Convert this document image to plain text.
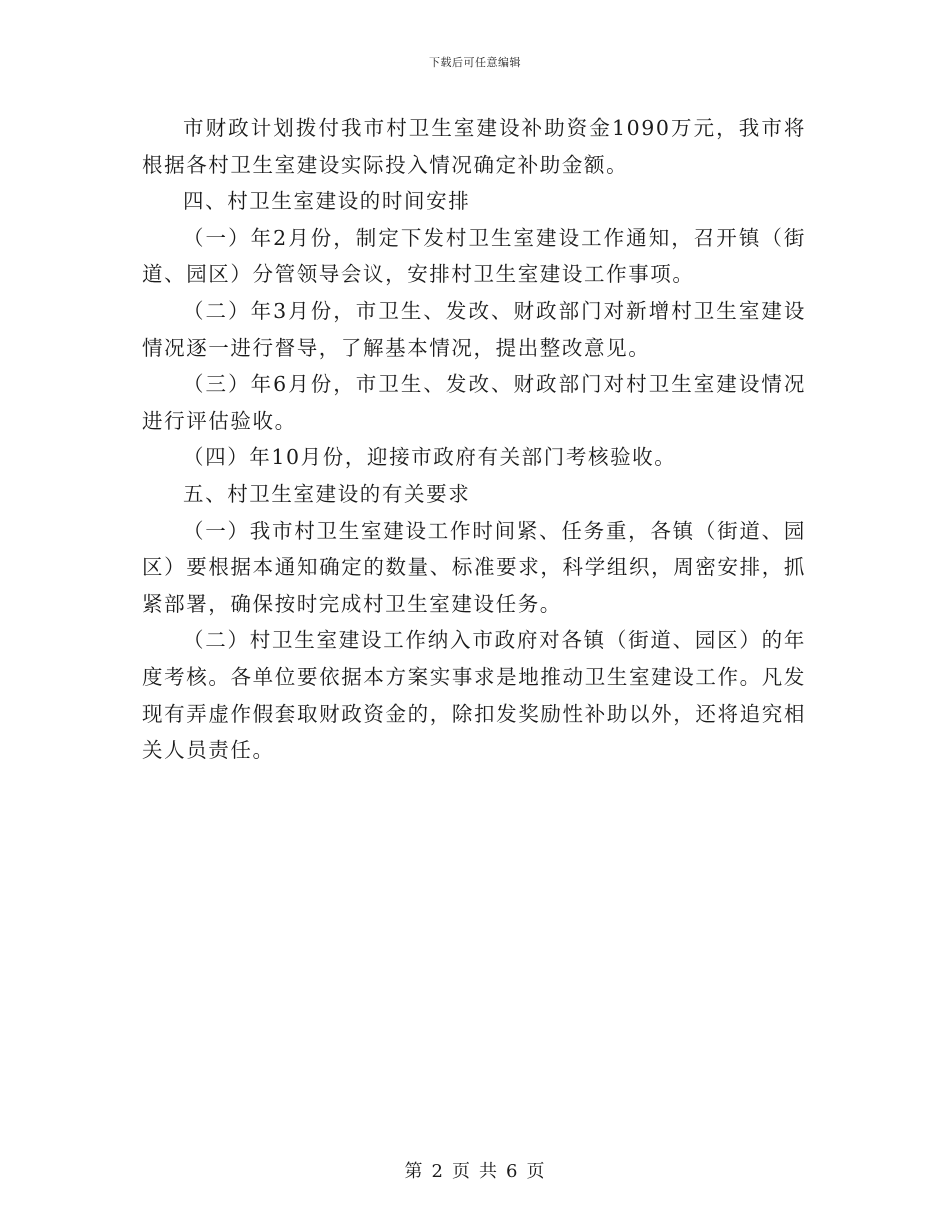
下载后可任意编辑

市财政计划拨付我市村卫生室建设补助资金1090万元，我市将根据各村卫生室建设实际投入情况确定补助金额。

四、村卫生室建设的时间安排

（一）年2月份，制定下发村卫生室建设工作通知，召开镇（街道、园区）分管领导会议，安排村卫生室建设工作事项。

（二）年3月份，市卫生、发改、财政部门对新增村卫生室建设情况逐一进行督导，了解基本情况，提出整改意见。

（三）年6月份，市卫生、发改、财政部门对村卫生室建设情况进行评估验收。

（四）年10月份，迎接市政府有关部门考核验收。

五、村卫生室建设的有关要求

（一）我市村卫生室建设工作时间紧、任务重，各镇（街道、园区）要根据本通知确定的数量、标准要求，科学组织，周密安排，抓紧部署，确保按时完成村卫生室建设任务。

（二）村卫生室建设工作纳入市政府对各镇（街道、园区）的年度考核。各单位要依据本方案实事求是地推动卫生室建设工作。凡发现有弄虚作假套取财政资金的，除扣发奖励性补助以外，还将追究相关人员责任。

第 2 页 共 6 页
